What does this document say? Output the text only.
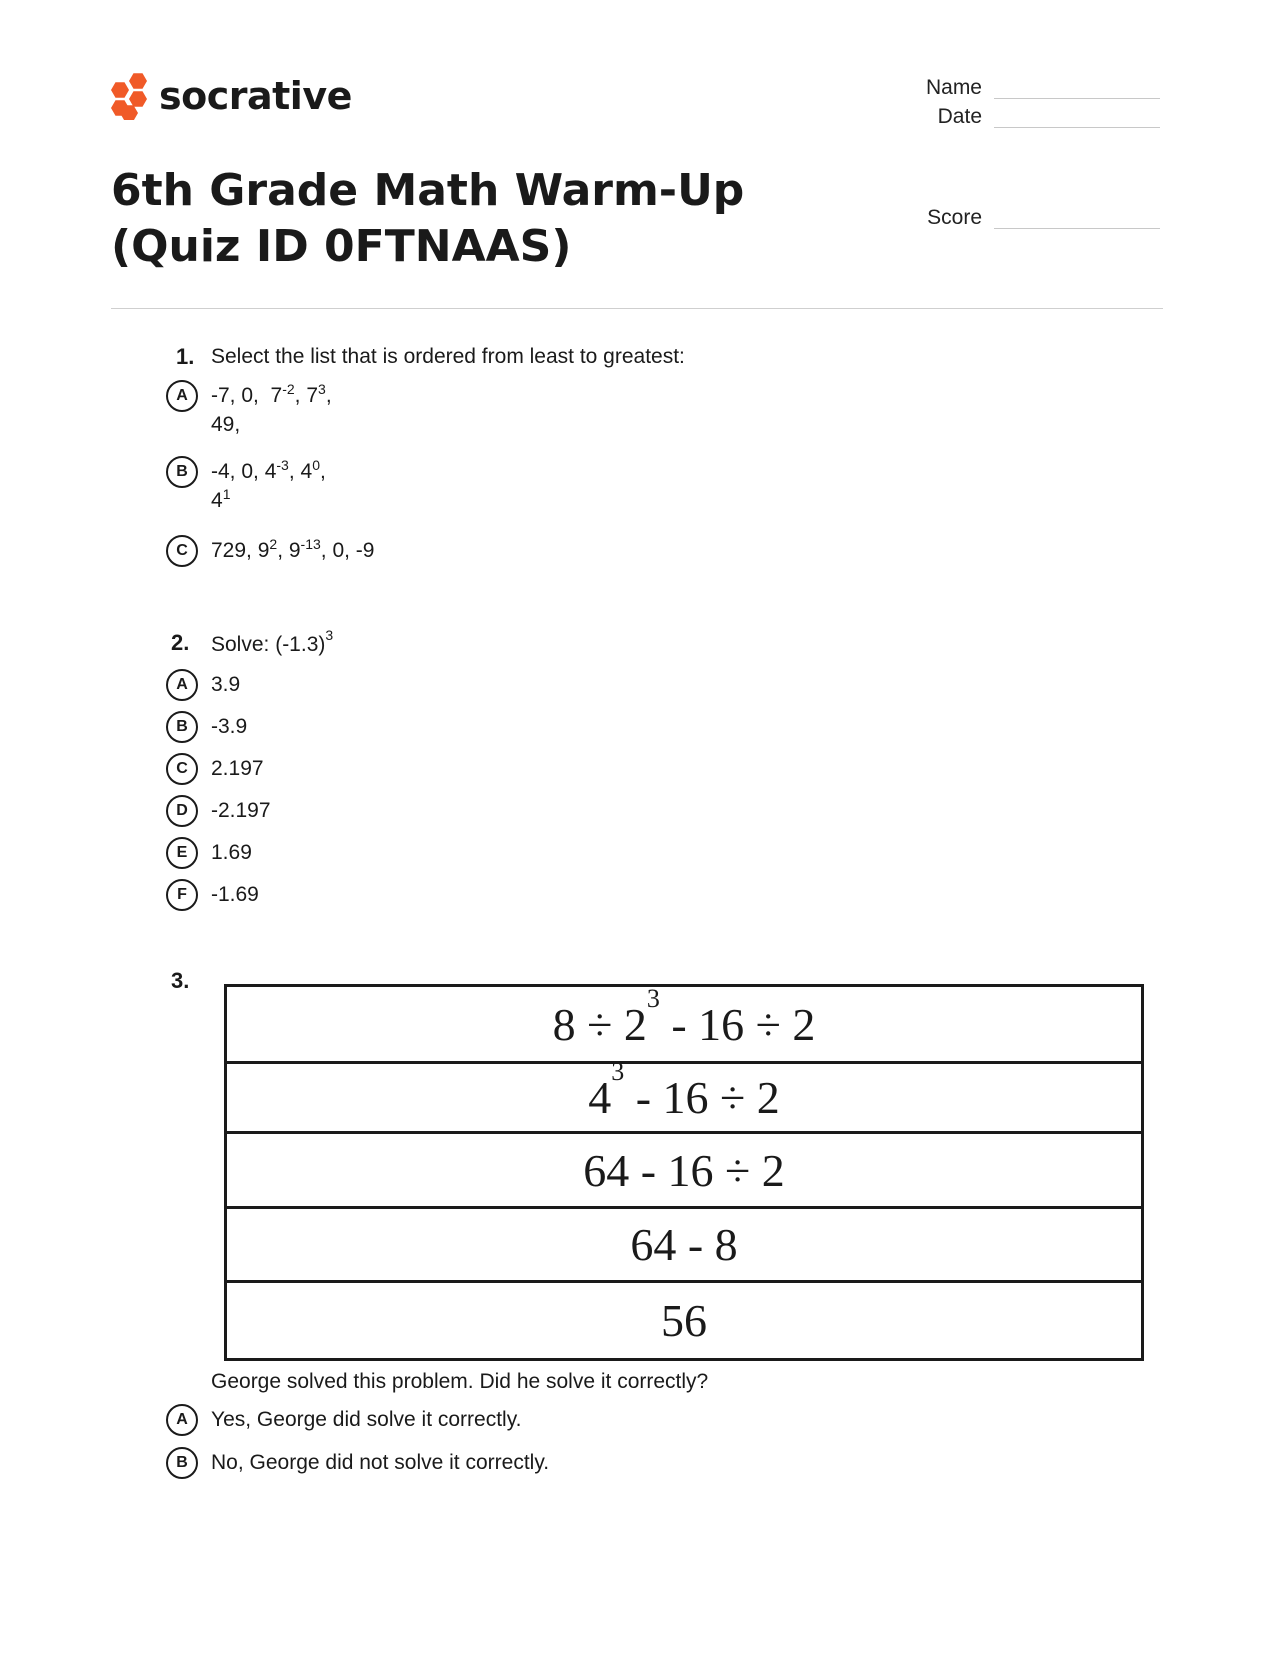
socrative	Name
Date
Score
6th Grade Math Warm-Up (Quiz ID 0FTNAAS)
1. Select the list that is ordered from least to greatest:
A	-7, 0,  $7^{-2}$, $7^3$,
49,
B	-4, 0, $4^{-3}$, $4^0$,
$4^1$
C	729, $9^2$, $9^{-13}$, 0, -9
2. Solve: $(-1.3)^3$
A	3.9
B	-3.9
C	2.197
D	-2.197
E	1.69
F	-1.69
3.
$8 \div 2^3 - 16 \div 2$
$4^3 - 16 \div 2$
64 - 16 ÷ 2
64 - 8
56
George solved this problem. Did he solve it correctly?
A	Yes, George did solve it correctly.
B	No, George did not solve it correctly.
